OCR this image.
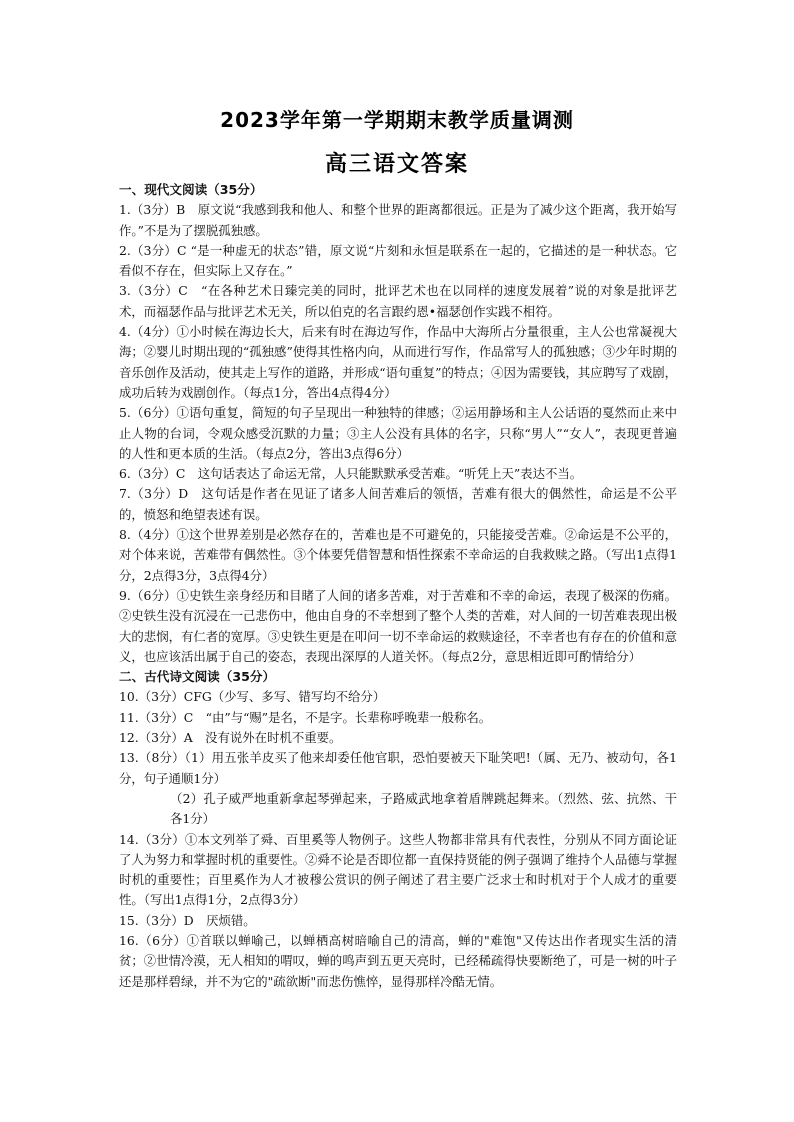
2023学年第一学期期末教学质量调测
高三语文答案
一、现代文阅读（35分）
1.（3分）B　原文说“我感到我和他人、和整个世界的距离都很远。正是为了减少这个距离，我开始写作。”不是为了摆脱孤独感。
2.（3分）C “是一种虚无的状态”错，原文说“片刻和永恒是联系在一起的，它描述的是一种状态。它看似不存在，但实际上又存在。”
3.（3分）C　“在各种艺术日臻完美的同时，批评艺术也在以同样的速度发展着”说的对象是批评艺术，而福瑟作品与批评艺术无关，所以伯克的名言跟约恩•福瑟创作实践不相符。
4.（4分）①小时候在海边长大，后来有时在海边写作，作品中大海所占分量很重，主人公也常凝视大海；②婴儿时期出现的“孤独感”使得其性格内向，从而进行写作，作品常写人的孤独感；③少年时期的音乐创作及活动，使其走上写作的道路，并形成“语句重复”的特点；④因为需要钱，其应聘写了戏剧，成功后转为戏剧创作。（每点1分，答出4点得4分）
5.（6分）①语句重复，简短的句子呈现出一种独特的律感；②运用静场和主人公话语的戛然而止来中止人物的台词，令观众感受沉默的力量；③主人公没有具体的名字，只称“男人”“女人”，表现更普遍的人性和更本质的生活。（每点2分，答出3点得6分）
6.（3分）C　这句话表达了命运无常，人只能默默承受苦难。“听凭上天”表达不当。
7.（3分）D　这句话是作者在见证了诸多人间苦难后的领悟，苦难有很大的偶然性，命运是不公平的，愤怒和绝望表述有误。
8.（4分）①这个世界差别是必然存在的，苦难也是不可避免的，只能接受苦难。②命运是不公平的，对个体来说，苦难带有偶然性。③个体要凭借智慧和悟性探索不幸命运的自我救赎之路。（写出1点得1分，2点得3分，3点得4分）
9.（6分）①史铁生亲身经历和目睹了人间的诸多苦难，对于苦难和不幸的命运，表现了极深的伤痛。②史铁生没有沉浸在一己悲伤中，他由自身的不幸想到了整个人类的苦难，对人间的一切苦难表现出极大的悲悯，有仁者的宽厚。③史铁生更是在叩问一切不幸命运的救赎途径，不幸者也有存在的价值和意义，也应该活出属于自己的姿态，表现出深厚的人道关怀。（每点2分，意思相近即可酌情给分）
二、古代诗文阅读（35分）
10.（3分）CFG（少写、多写、错写均不给分）
11.（3分）C　“由”与“赐”是名，不是字。长辈称呼晚辈一般称名。
12.（3分）A　没有说外在时机不重要。
13.（8分）（1）用五张羊皮买了他来却委任他官职，恐怕要被天下耻笑吧!（属、无乃、被动句，各1分，句子通顺1分）
（2）孔子威严地重新拿起琴弹起来，子路威武地拿着盾牌跳起舞来。（烈然、弦、抗然、干各1分）
14.（3分）①本文列举了舜、百里奚等人物例子。这些人物都非常具有代表性，分别从不同方面论证了人为努力和掌握时机的重要性。②舜不论是否即位都一直保持贤能的例子强调了维持个人品德与掌握时机的重要性；百里奚作为人才被穆公赏识的例子阐述了君主要广泛求士和时机对于个人成才的重要性。（写出1点得1分，2点得3分）
15.（3分）D　厌烦错。
16.（6分）①首联以蝉喻己，以蝉栖高树暗喻自己的清高，蝉的"难饱"又传达出作者现实生活的清贫；②世情冷漠，无人相知的喟叹，蝉的鸣声到五更天亮时，已经稀疏得快要断绝了，可是一树的叶子还是那样碧绿，并不为它的"疏欲断"而悲伤憔悴，显得那样冷酷无情。
